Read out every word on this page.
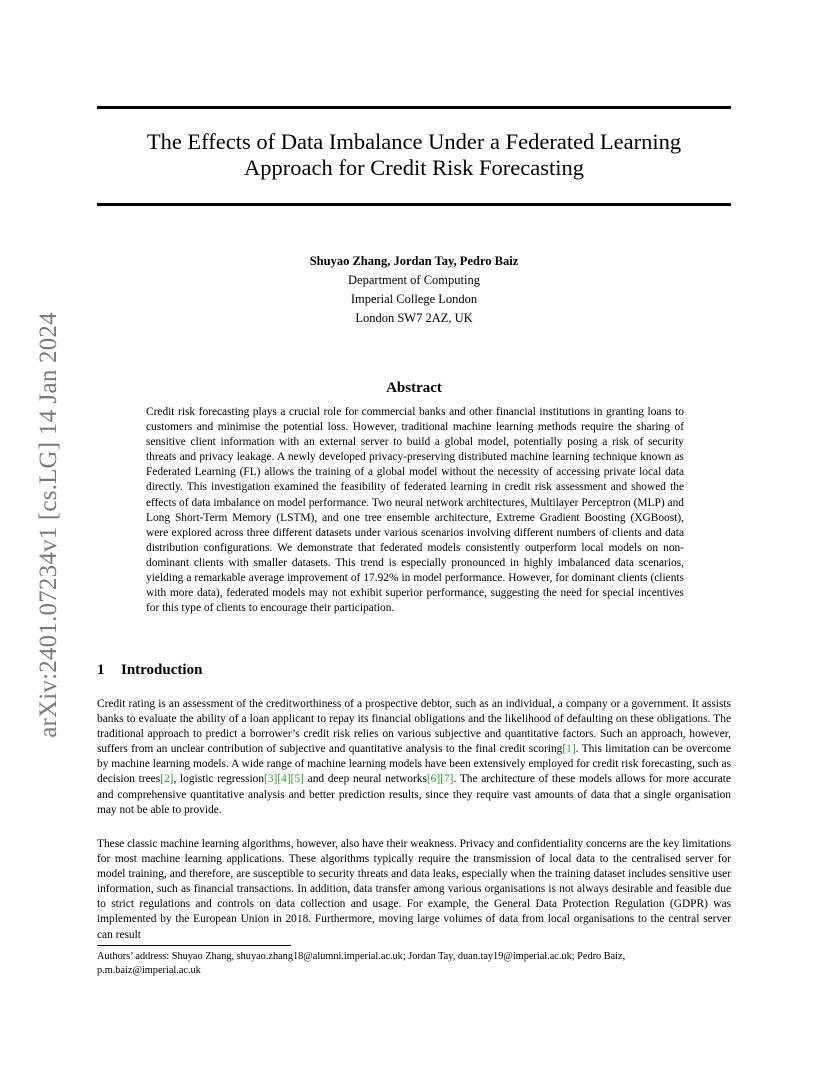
arXiv:2401.07234v1 [cs.LG] 14 Jan 2024
The Effects of Data Imbalance Under a Federated Learning
Approach for Credit Risk Forecasting
Shuyao Zhang, Jordan Tay, Pedro Baiz
Department of Computing
Imperial College London
London SW7 2AZ, UK
Abstract
Credit risk forecasting plays a crucial role for commercial banks and other financial institutions in granting loans to customers and minimise the potential loss. However, traditional machine learning methods require the sharing of sensitive client information with an external server to build a global model, potentially posing a risk of security threats and privacy leakage. A newly developed privacy-preserving distributed machine learning technique known as Federated Learning (FL) allows the training of a global model without the necessity of accessing private local data directly. This investigation examined the feasibility of federated learning in credit risk assessment and showed the effects of data imbalance on model performance. Two neural network architectures, Multilayer Perceptron (MLP) and Long Short-Term Memory (LSTM), and one tree ensemble architecture, Extreme Gradient Boosting (XGBoost), were explored across three different datasets under various scenarios involving different numbers of clients and data distribution configurations. We demonstrate that federated models consistently outperform local models on non-dominant clients with smaller datasets. This trend is especially pronounced in highly imbalanced data scenarios, yielding a remarkable average improvement of 17.92% in model performance. However, for dominant clients (clients with more data), federated models may not exhibit superior performance, suggesting the need for special incentives for this type of clients to encourage their participation.
1 Introduction

Credit rating is an assessment of the creditworthiness of a prospective debtor, such as an individual, a company or a government. It assists banks to evaluate the ability of a loan applicant to repay its financial obligations and the likelihood of defaulting on these obligations. The traditional approach to predict a borrower’s credit risk relies on various subjective and quantitative factors. Such an approach, however, suffers from an unclear contribution of subjective and quantitative analysis to the final credit scoring[1]. This limitation can be overcome by machine learning models. A wide range of machine learning models have been extensively employed for credit risk forecasting, such as decision trees[2], logistic regression[3][4][5] and deep neural networks[6][7]. The architecture of these models allows for more accurate and comprehensive quantitative analysis and better prediction results, since they require vast amounts of data that a single organisation may not be able to provide.

These classic machine learning algorithms, however, also have their weakness. Privacy and confidentiality concerns are the key limitations for most machine learning applications. These algorithms typically require the transmission of local data to the centralised server for model training, and therefore, are susceptible to security threats and data leaks, especially when the training dataset includes sensitive user information, such as financial transactions. In addition, data transfer among various organisations is not always desirable and feasible due to strict regulations and controls on data collection and usage. For example, the General Data Protection Regulation (GDPR) was implemented by the European Union in 2018. Furthermore, moving large volumes of data from local organisations to the central server can result

Authors’ address: Shuyao Zhang, shuyao.zhang18@alumni.imperial.ac.uk; Jordan Tay, duan.tay19@imperial.ac.uk; Pedro Baiz, p.m.baiz@imperial.ac.uk
